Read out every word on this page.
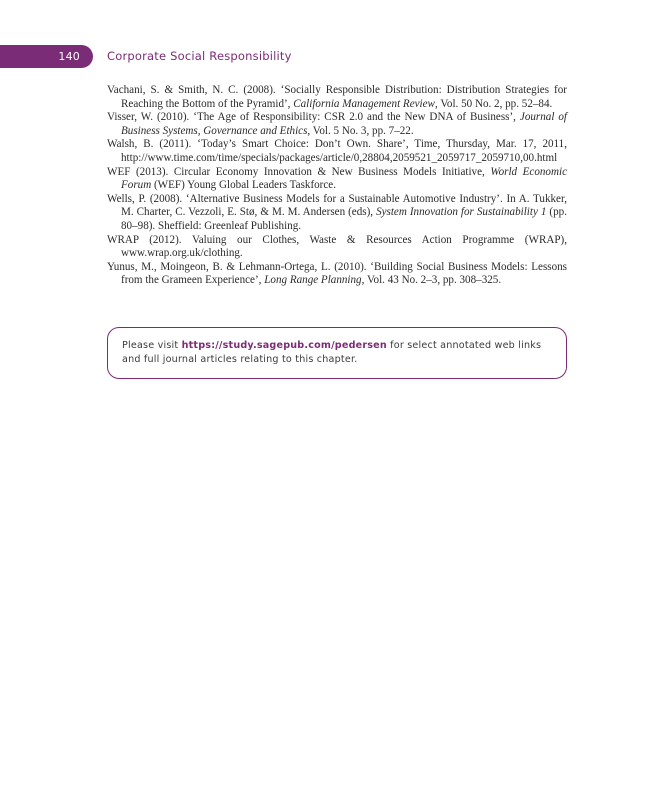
140	Corporate Social Responsibility

Vachani, S. & Smith, N. C. (2008). ‘Socially Responsible Distribution: Distribution Strategies for Reaching the Bottom of the Pyramid’, California Management Review, Vol. 50 No. 2, pp. 52–84.

Visser, W. (2010). ‘The Age of Responsibility: CSR 2.0 and the New DNA of Business’, Journal of Business Systems, Governance and Ethics, Vol. 5 No. 3, pp. 7–22.

Walsh, B. (2011). ‘Today’s Smart Choice: Don’t Own. Share’, Time, Thursday, Mar. 17, 2011, http://www.time.com/time/specials/packages/article/0,28804,2059521_2059717_2059710,00.html

WEF (2013). Circular Economy Innovation & New Business Models Initiative, World Economic Forum (WEF) Young Global Leaders Taskforce.

Wells, P. (2008). ‘Alternative Business Models for a Sustainable Automotive Industry’. In A. Tukker, M. Charter, C. Vezzoli, E. Stø, & M. M. Andersen (eds), System Innovation for Sustainability 1 (pp. 80–98). Sheffield: Greenleaf Publishing.

WRAP (2012). Valuing our Clothes, Waste & Resources Action Programme (WRAP), www.wrap.org.uk/clothing.

Yunus, M., Moingeon, B. & Lehmann-Ortega, L. (2010). ‘Building Social Business Models: Lessons from the Grameen Experience’, Long Range Planning, Vol. 43 No. 2–3, pp. 308–325.

Please visit https://study.sagepub.com/pedersen for select annotated web links and full journal articles relating to this chapter.
